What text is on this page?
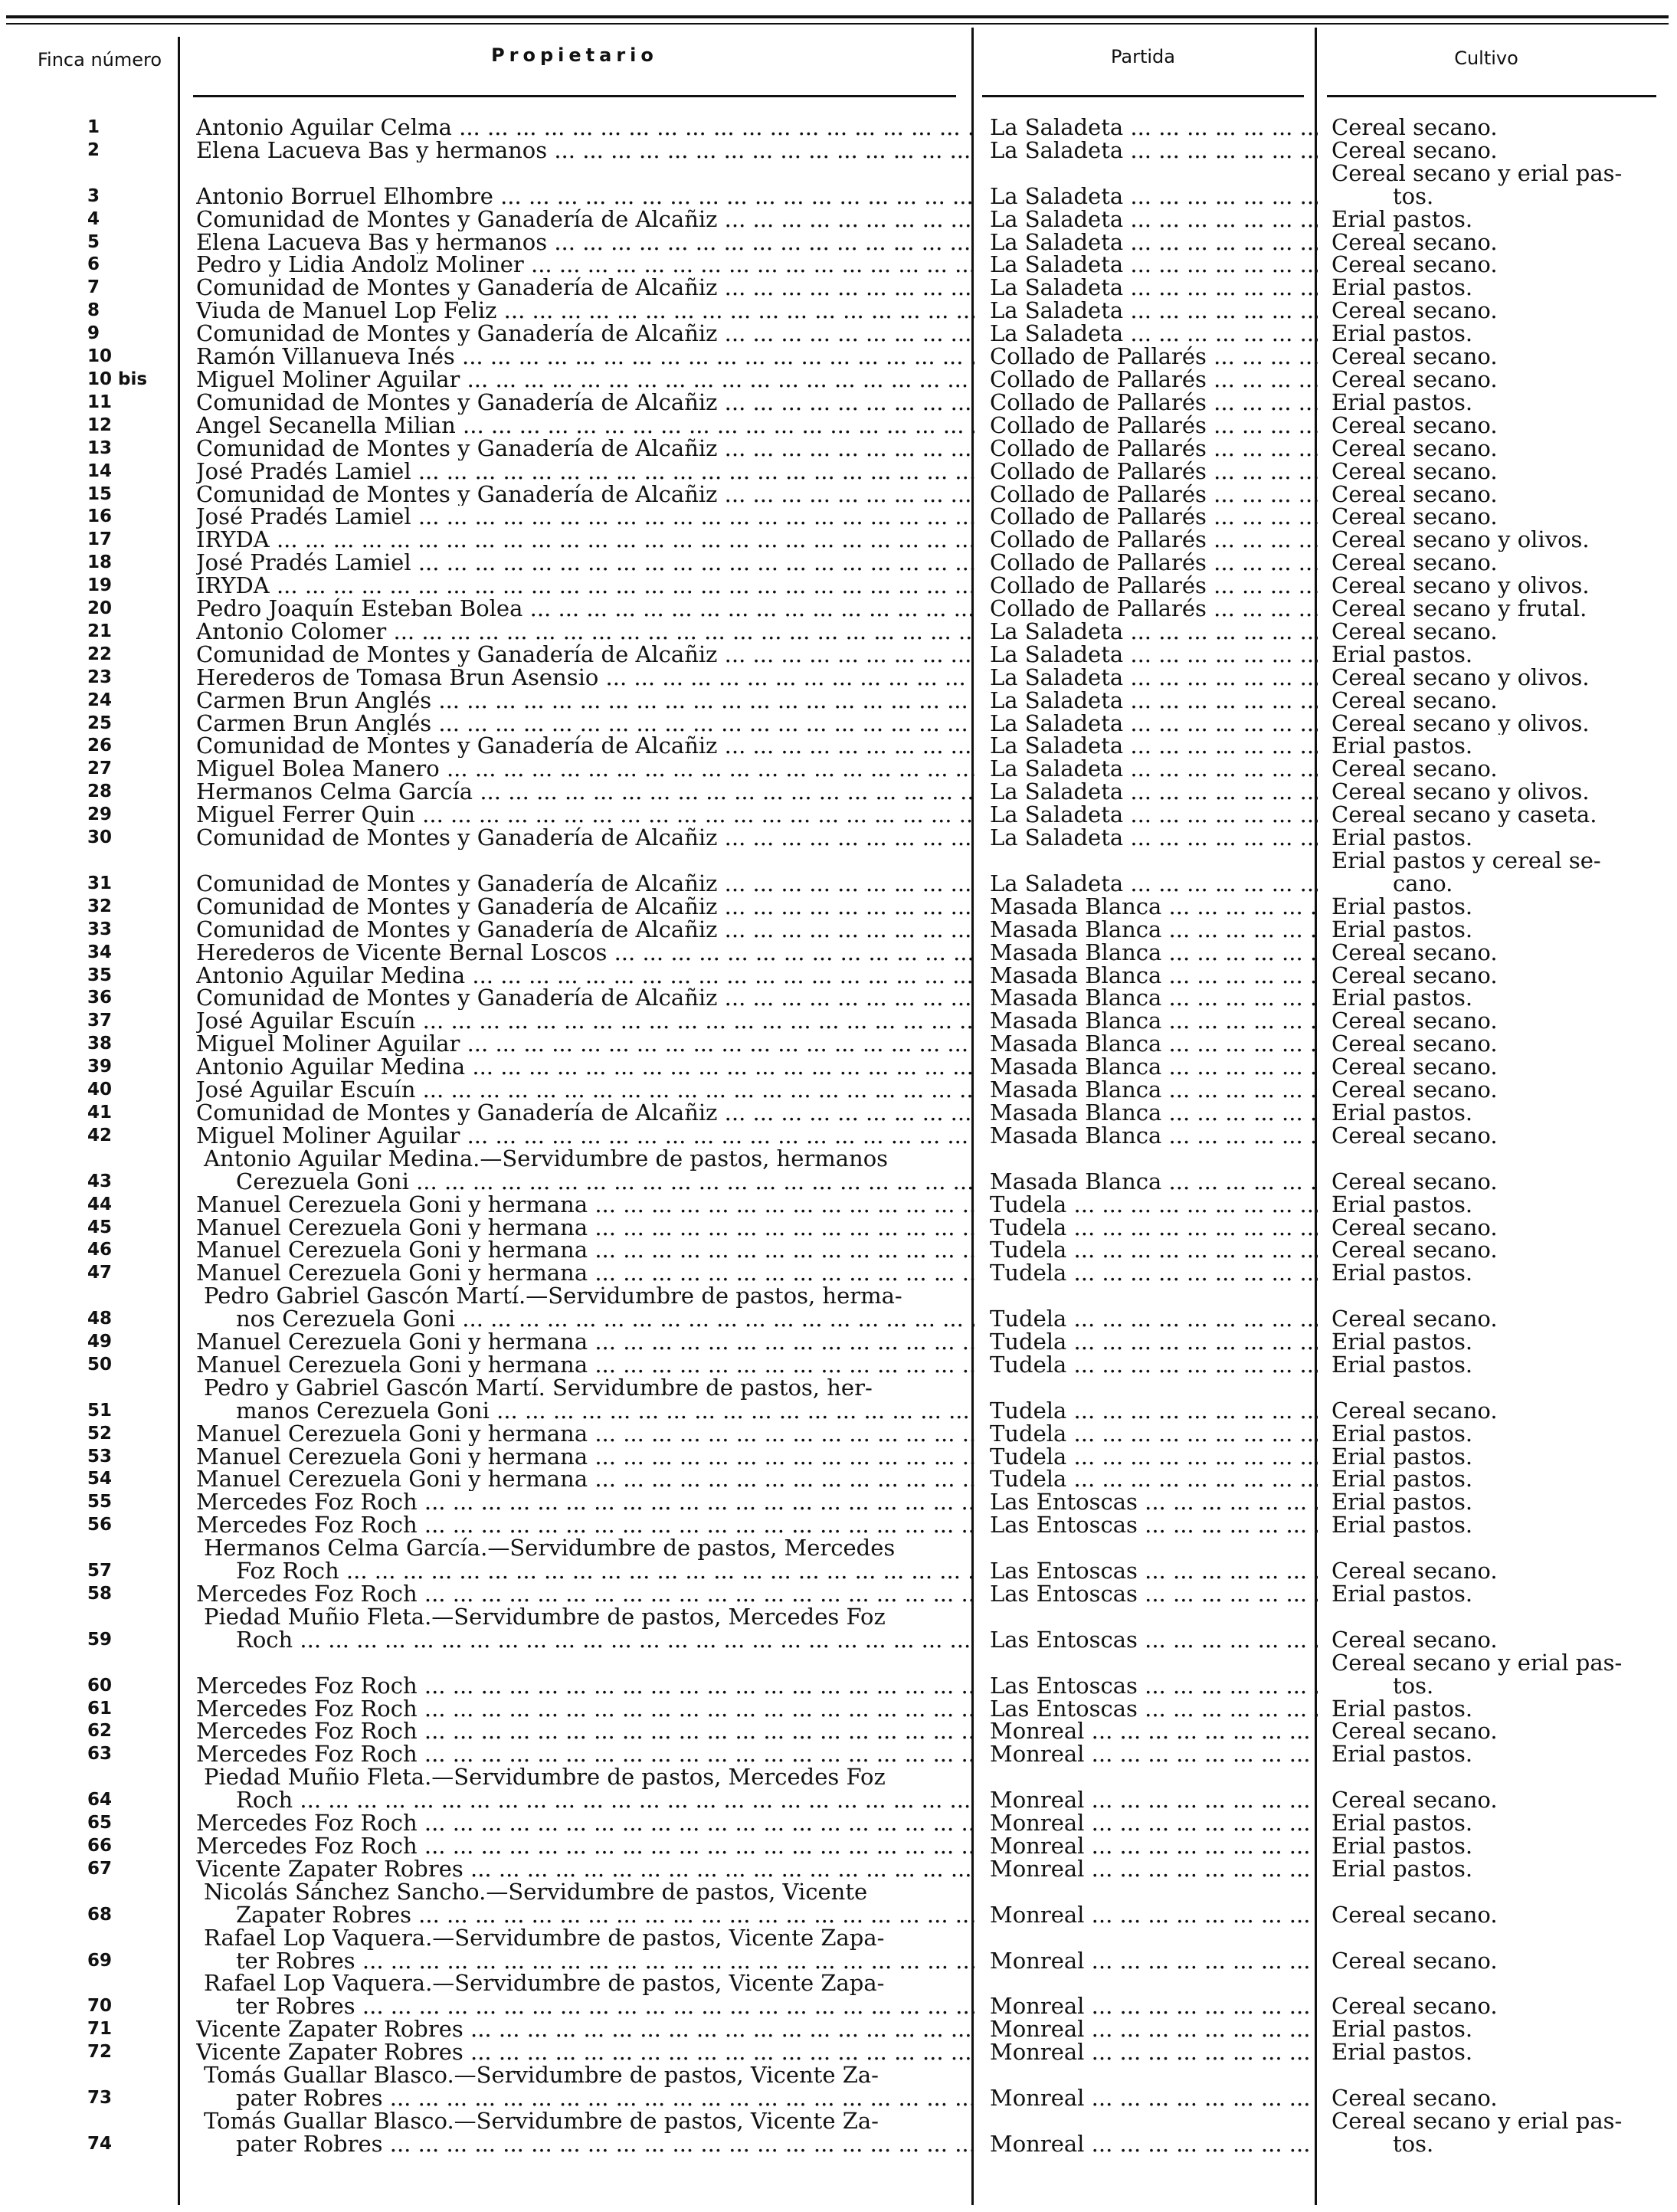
Finca número	Propietario	Partida	Cultivo
1	Antonio Aguilar Celma ... .	La Saladeta ... .	Cereal secano.

2	Elena Lacueva Bas y hermanos ... .	La Saladeta ... .	Cereal secano.

3	Antonio Borruel Elhombre ... .	La Saladeta ... .	Cereal secano y erial pas-
tos.

4	Comunidad de Montes y Ganadería de Alcañiz ... .	La Saladeta ... .	Erial pastos.

5	Elena Lacueva Bas y hermanos ... .	La Saladeta ... .	Cereal secano.

6	Pedro y Lidia Andolz Moliner ... .	La Saladeta ... .	Cereal secano.

7	Comunidad de Montes y Ganadería de Alcañiz ... .	La Saladeta ... .	Erial pastos.

8	Viuda de Manuel Lop Feliz ... .	La Saladeta ... .	Cereal secano.

9	Comunidad de Montes y Ganadería de Alcañiz ... .	La Saladeta ... .	Erial pastos.

10	Ramón Villanueva Inés ... .	Collado de Pallarés ... .	Cereal secano.

10 bis	Miguel Moliner Aguilar ... .	Collado de Pallarés ... .	Cereal secano.

11	Comunidad de Montes y Ganadería de Alcañiz ... .	Collado de Pallarés ... .	Erial pastos.

12	Angel Secanella Milian ... .	Collado de Pallarés ... .	Cereal secano.

13	Comunidad de Montes y Ganadería de Alcañiz ... .	Collado de Pallarés ... .	Cereal secano.

14	José Pradés Lamiel ... .	Collado de Pallarés ... .	Cereal secano.

15	Comunidad de Montes y Ganadería de Alcañiz ... .	Collado de Pallarés ... .	Cereal secano.

16	José Pradés Lamiel ... .	Collado de Pallarés ... .	Cereal secano.

17	IRYDA ... .	Collado de Pallarés ... .	Cereal secano y olivos.

18	José Pradés Lamiel ... .	Collado de Pallarés ... .	Cereal secano.

19	IRYDA ... .	Collado de Pallarés ... .	Cereal secano y olivos.

20	Pedro Joaquín Esteban Bolea ... .	Collado de Pallarés ... .	Cereal secano y frutal.

21	Antonio Colomer ... .	La Saladeta ... .	Cereal secano.

22	Comunidad de Montes y Ganadería de Alcañiz ... .	La Saladeta ... .	Erial pastos.

23	Herederos de Tomasa Brun Asensio ... .	La Saladeta ... .	Cereal secano y olivos.

24	Carmen Brun Anglés ... .	La Saladeta ... .	Cereal secano.

25	Carmen Brun Anglés ... .	La Saladeta ... .	Cereal secano y olivos.

26	Comunidad de Montes y Ganadería de Alcañiz ... .	La Saladeta ... .	Erial pastos.

27	Miguel Bolea Manero ... .	La Saladeta ... .	Cereal secano.

28	Hermanos Celma García ... .	La Saladeta ... .	Cereal secano y olivos.

29	Miguel Ferrer Quin ... .	La Saladeta ... .	Cereal secano y caseta.

30	Comunidad de Montes y Ganadería de Alcañiz ... .	La Saladeta ... .	Erial pastos.

31	Comunidad de Montes y Ganadería de Alcañiz ... .	La Saladeta ... .	Erial pastos y cereal se-
cano.

32	Comunidad de Montes y Ganadería de Alcañiz ... .	Masada Blanca ... .	Erial pastos.

33	Comunidad de Montes y Ganadería de Alcañiz ... .	Masada Blanca ... .	Erial pastos.

34	Herederos de Vicente Bernal Loscos ... .	Masada Blanca ... .	Cereal secano.

35	Antonio Aguilar Medina ... .	Masada Blanca ... .	Cereal secano.

36	Comunidad de Montes y Ganadería de Alcañiz ... .	Masada Blanca ... .	Erial pastos.

37	José Aguilar Escuín ... .	Masada Blanca ... .	Cereal secano.

38	Miguel Moliner Aguilar ... .	Masada Blanca ... .	Cereal secano.

39	Antonio Aguilar Medina ... .	Masada Blanca ... .	Cereal secano.

40	José Aguilar Escuín ... .	Masada Blanca ... .	Cereal secano.

41	Comunidad de Montes y Ganadería de Alcañiz ... .	Masada Blanca ... .	Erial pastos.

42	Miguel Moliner Aguilar ... .	Masada Blanca ... .	Cereal secano.

43	Antonio Aguilar Medina.—Servidumbre de pastos, hermanos
Cerezuela Goni ... .	Masada Blanca ... .	Cereal secano.

44	Manuel Cerezuela Goni y hermana ... .	Tudela ... .	Erial pastos.

45	Manuel Cerezuela Goni y hermana ... .	Tudela ... .	Cereal secano.

46	Manuel Cerezuela Goni y hermana ... .	Tudela ... .	Cereal secano.

47	Manuel Cerezuela Goni y hermana ... .	Tudela ... .	Erial pastos.

48	Pedro Gabriel Gascón Martí.—Servidumbre de pastos, herma-
nos Cerezuela Goni ... .	Tudela ... .	Cereal secano.

49	Manuel Cerezuela Goni y hermana ... .	Tudela ... .	Erial pastos.

50	Manuel Cerezuela Goni y hermana ... .	Tudela ... .	Erial pastos.

51	Pedro y Gabriel Gascón Martí. Servidumbre de pastos, her-
manos Cerezuela Goni ... .	Tudela ... .	Cereal secano.

52	Manuel Cerezuela Goni y hermana ... .	Tudela ... .	Erial pastos.

53	Manuel Cerezuela Goni y hermana ... .	Tudela ... .	Erial pastos.

54	Manuel Cerezuela Goni y hermana ... .	Tudela ... .	Erial pastos.

55	Mercedes Foz Roch ... .	Las Entoscas ... .	Erial pastos.

56	Mercedes Foz Roch ... .	Las Entoscas ... .	Erial pastos.

57	Hermanos Celma García.—Servidumbre de pastos, Mercedes
Foz Roch ... .	Las Entoscas ... .	Cereal secano.

58	Mercedes Foz Roch ... .	Las Entoscas ... .	Erial pastos.

59	Piedad Muñio Fleta.—Servidumbre de pastos, Mercedes Foz
Roch ... .	Las Entoscas ... .	Cereal secano.

60	Mercedes Foz Roch ... .	Las Entoscas ... .	Cereal secano y erial pas-
tos.

61	Mercedes Foz Roch ... .	Las Entoscas ... .	Erial pastos.

62	Mercedes Foz Roch ... .	Monreal ... .	Cereal secano.

63	Mercedes Foz Roch ... .	Monreal ... .	Erial pastos.

64	Piedad Muñio Fleta.—Servidumbre de pastos, Mercedes Foz
Roch ... .	Monreal ... .	Cereal secano.

65	Mercedes Foz Roch ... .	Monreal ... .	Erial pastos.

66	Mercedes Foz Roch ... .	Monreal ... .	Erial pastos.

67	Vicente Zapater Robres ... .	Monreal ... .	Erial pastos.

68	Nicolás Sánchez Sancho.—Servidumbre de pastos, Vicente
Zapater Robres ... .	Monreal ... .	Cereal secano.

69	Rafael Lop Vaquera.—Servidumbre de pastos, Vicente Zapa-
ter Robres ... .	Monreal ... .	Cereal secano.

70	Rafael Lop Vaquera.—Servidumbre de pastos, Vicente Zapa-
ter Robres ... .	Monreal ... .	Cereal secano.

71	Vicente Zapater Robres ... .	Monreal ... .	Erial pastos.

72	Vicente Zapater Robres ... .	Monreal ... .	Erial pastos.

73	Tomás Guallar Blasco.—Servidumbre de pastos, Vicente Za-
pater Robres ... .	Monreal ... .	Cereal secano.

74	Tomás Guallar Blasco.—Servidumbre de pastos, Vicente Za-
pater Robres ... .	Monreal ... .	Cereal secano y erial pas-
tos.
